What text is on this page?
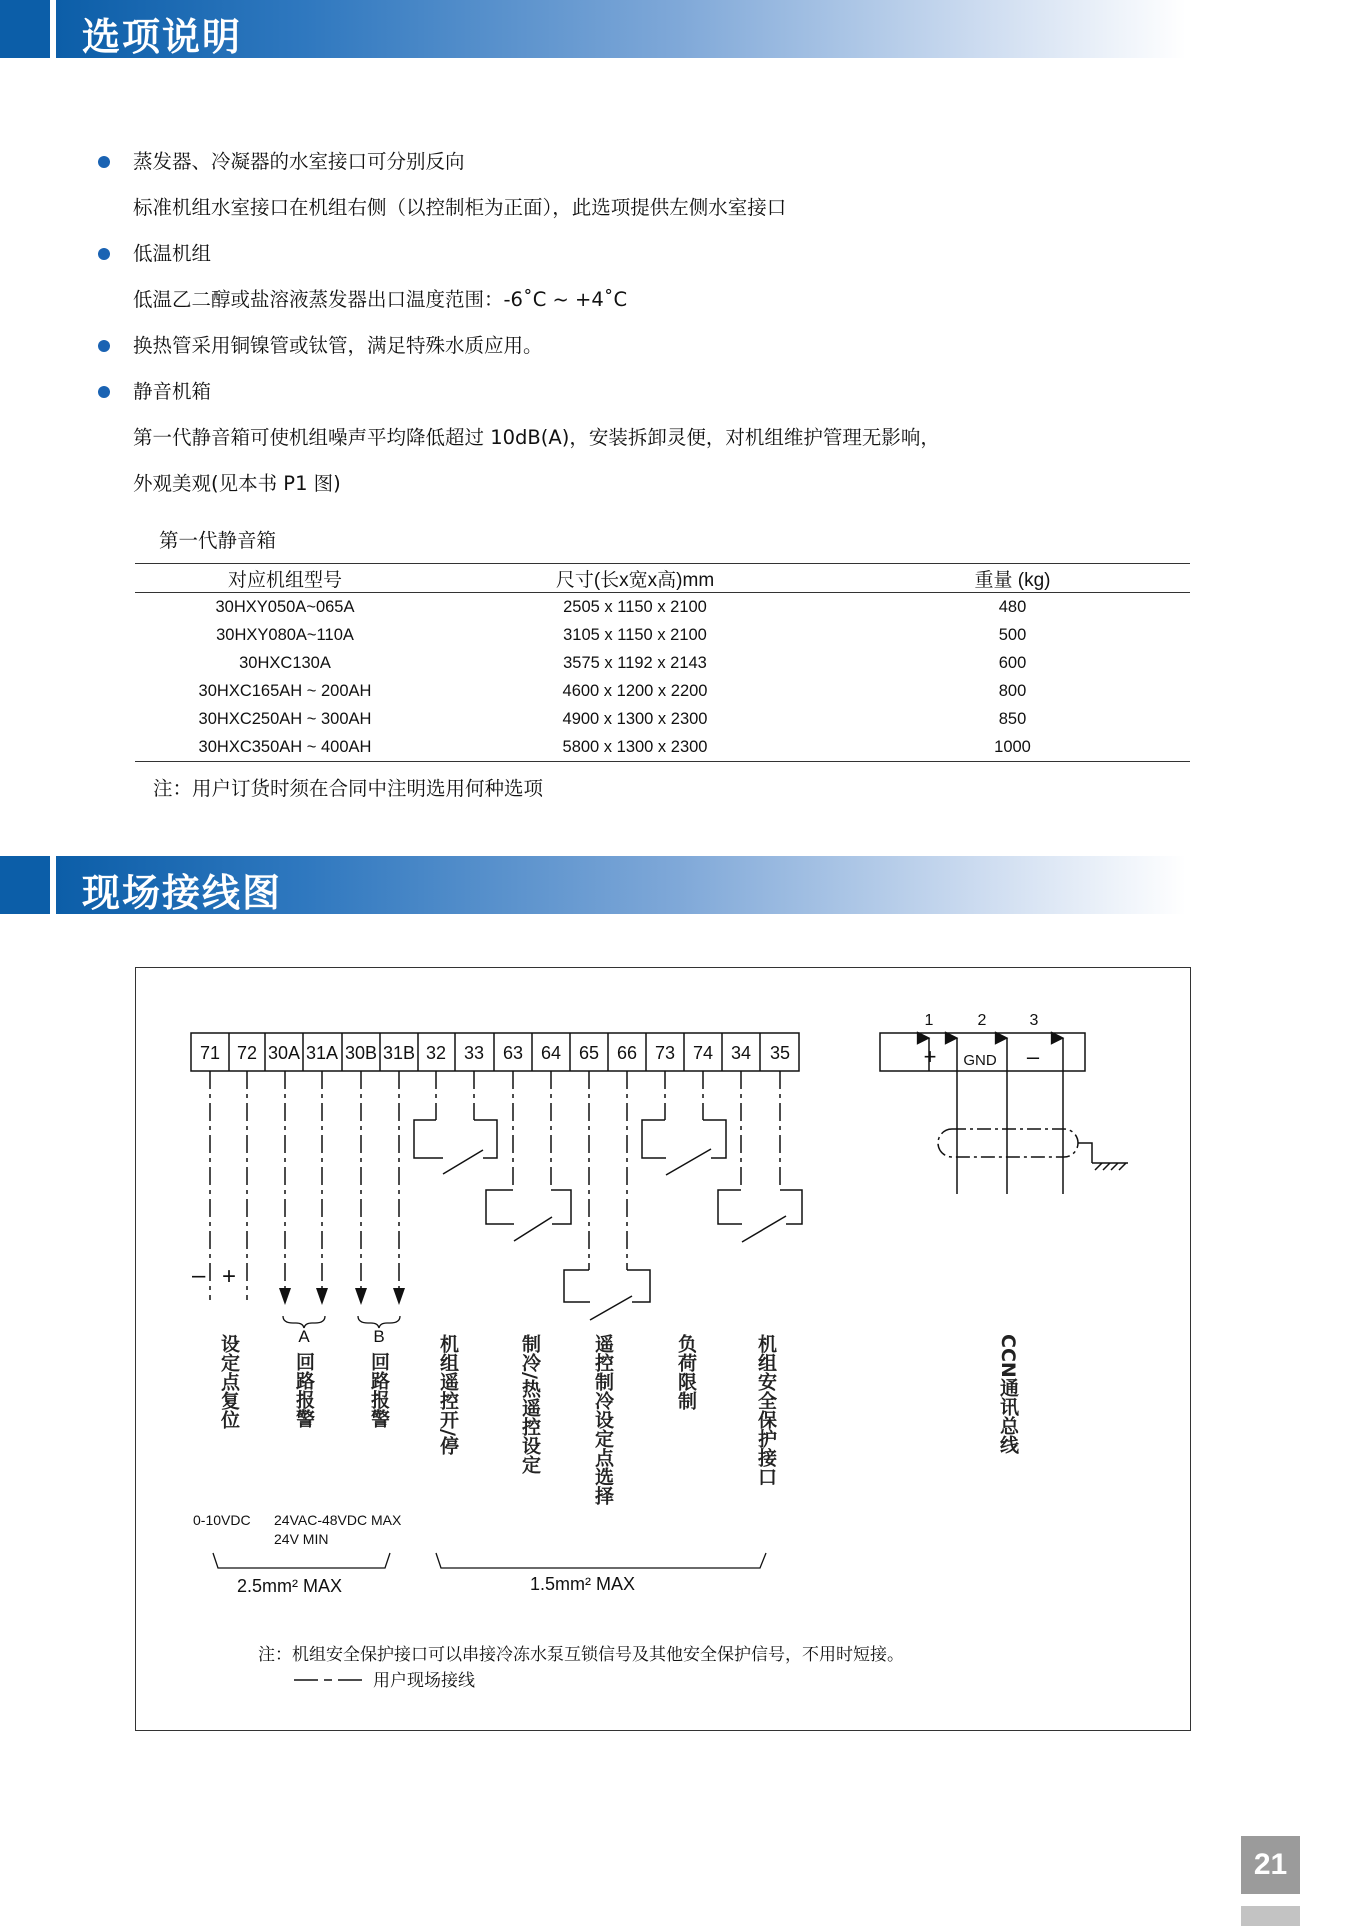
选项说明
蒸发器、冷凝器的水室接口可分别反向
标准机组水室接口在机组右侧（以控制柜为正面），此选项提供左侧水室接口
低温机组
低温乙二醇或盐溶液蒸发器出口温度范围：-6˚C ~ +4˚C
换热管采用铜镍管或钛管，满足特殊水质应用。
静音机箱
第一代静音箱可使机组噪声平均降低超过 10dB(A)，安装拆卸灵便，对机组维护管理无影响，
外观美观(见本书 P1 图)
第一代静音箱
对应机组型号	尺寸(长x宽x高)mm	重量 (kg)
30HXY050A~065A	2505 x 1150 x 2100	480
30HXY080A~110A	3105 x 1150 x 2100	500
30HXC130A	3575 x 1192 x 2143	600
30HXC165AH ~ 200AH	4600 x 1200 x 2200	800
30HXC250AH ~ 300AH	4900 x 1300 x 2300	850
30HXC350AH ~ 400AH	5800 x 1300 x 2300	1000
注：用户订货时须在合同中注明选用何种选项
现场接线图
71 72 30A 31A 30B 31B 32 33 63 64 65 66 73 74 34 35
– +
A	B
设定点复位	回路报警	回路报警 机组遥控开/停	制冷/热遥控设定	遥控制冷设定点选择	负荷限制	机组安全保护接口	CCN通讯总线
0-10VDC 24VAC-48VDC MAX
24V MIN
2.5mm² MAX	1.5mm² MAX
1	2	3
+ GND –
注：机组安全保护接口可以串接冷冻水泵互锁信号及其他安全保护信号，不用时短接。
用户现场接线
21
